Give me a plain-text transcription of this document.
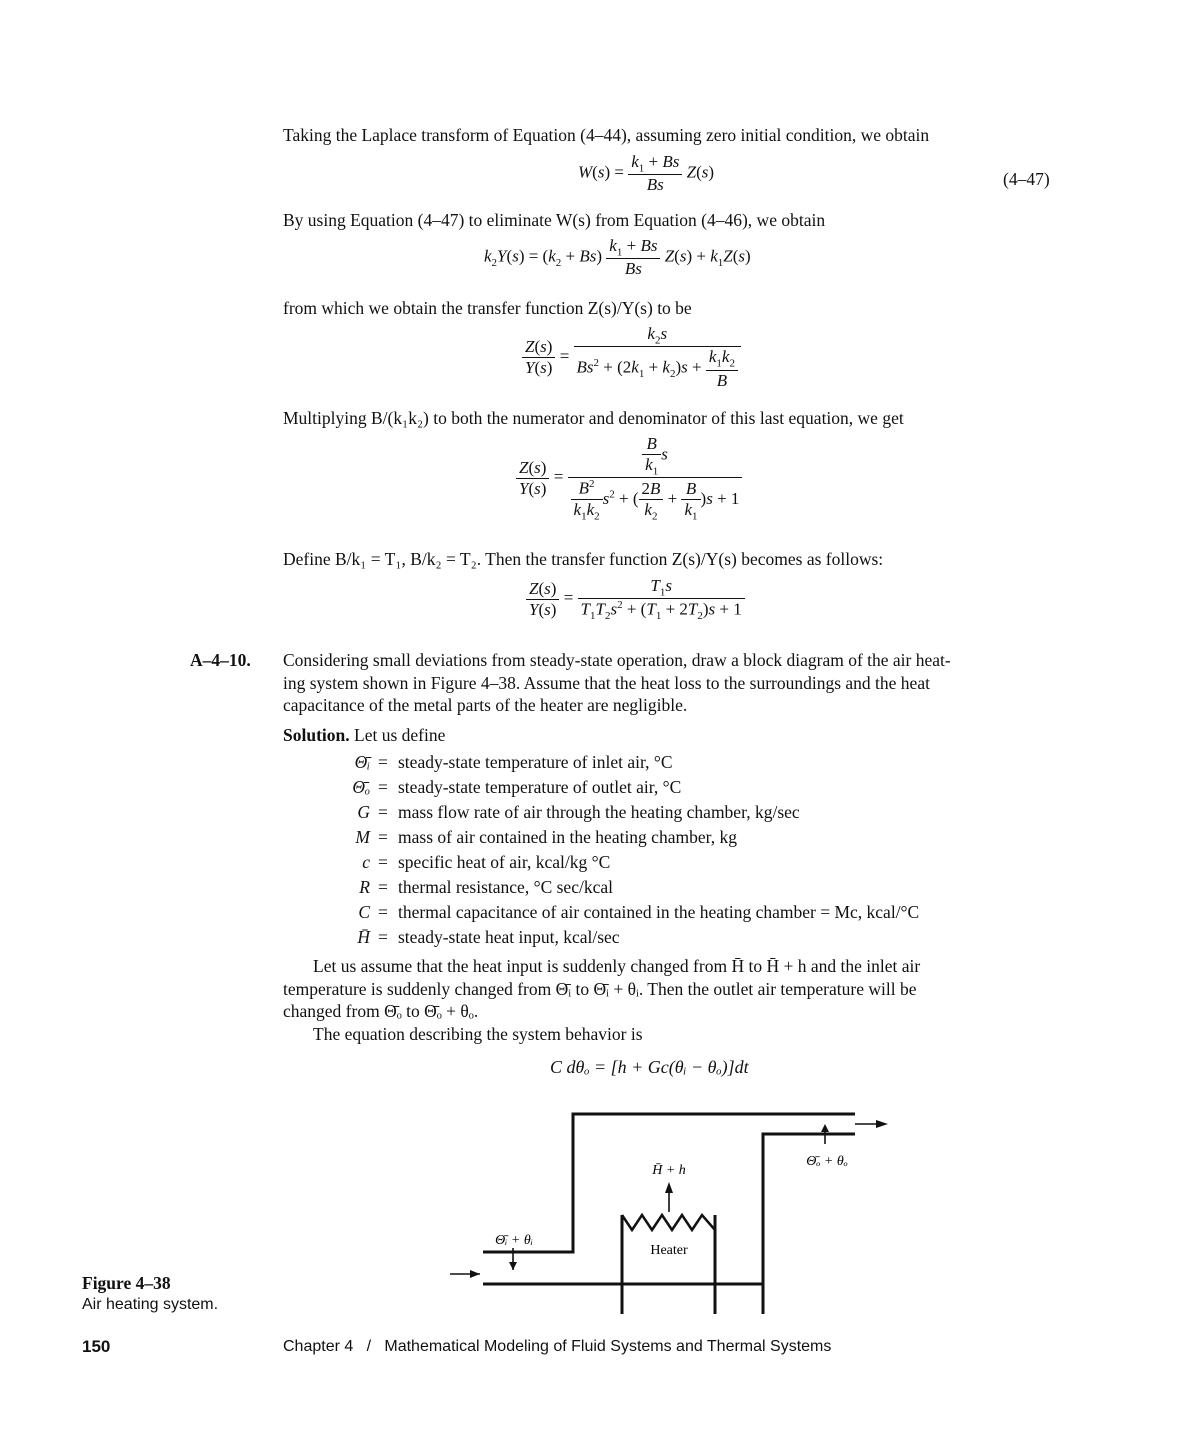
Taking the Laplace transform of Equation (4–44), assuming zero initial condition, we obtain
$W(s) = \frac{k_1 + Bs}{Bs} Z(s)$	(4–47)
By using Equation (4–47) to eliminate W(s) from Equation (4–46), we obtain
$k_2Y(s) = (k_2 + Bs) \frac{k_1 + Bs}{Bs} Z(s) + k_1Z(s)$
from which we obtain the transfer function Z(s)/Y(s) to be
$\frac{Z(s)}{Y(s)} = \frac{k_2s}{Bs^2 + (2k_1 + k_2)s + \frac{k_1k_2}{B}}$
Multiplying B/(k₁k₂) to both the numerator and denominator of this last equation, we get
$\frac{Z(s)}{Y(s)} = \frac{\frac{B}{k_1} s}{\frac{B^2}{k_1k_2} s^2 + ( \frac{2B}{k_2} + \frac{B}{k_1} )s + 1}$
Define B/k₁ = T₁, B/k₂ = T₂. Then the transfer function Z(s)/Y(s) becomes as follows:
$\frac{Z(s)}{Y(s)} = \frac{T_1s}{T_1T_2s^2 + (T_1 + 2T_2)s + 1}$
A–4–10. Considering small deviations from steady-state operation, draw a block diagram of the air heat-
ing system shown in Figure 4–38. Assume that the heat loss to the surroundings and the heat
capacitance of the metal parts of the heater are negligible.
Solution. Let us define
Θ̄ᵢ = steady-state temperature of inlet air, °C
Θ̄ₒ = steady-state temperature of outlet air, °C
G = mass flow rate of air through the heating chamber, kg/sec
M = mass of air contained in the heating chamber, kg
c = specific heat of air, kcal/kg °C
R = thermal resistance, °C sec/kcal
C = thermal capacitance of air contained in the heating chamber = Mc, kcal/°C
H̄ = steady-state heat input, kcal/sec
Let us assume that the heat input is suddenly changed from H̄ to H̄ + h and the inlet air
temperature is suddenly changed from Θ̄ᵢ to Θ̄ᵢ + θᵢ. Then the outlet air temperature will be
changed from Θ̄ₒ to Θ̄ₒ + θₒ.
The equation describing the system behavior is
C dθₒ = [h + Gc(θᵢ − θₒ)]dt
Heater
H̄ + h
Θ̄ᵢ + θᵢ
Θ̄ₒ + θₒ
Figure 4–38
Air heating system.
150	Chapter 4   /   Mathematical Modeling of Fluid Systems and Thermal Systems
